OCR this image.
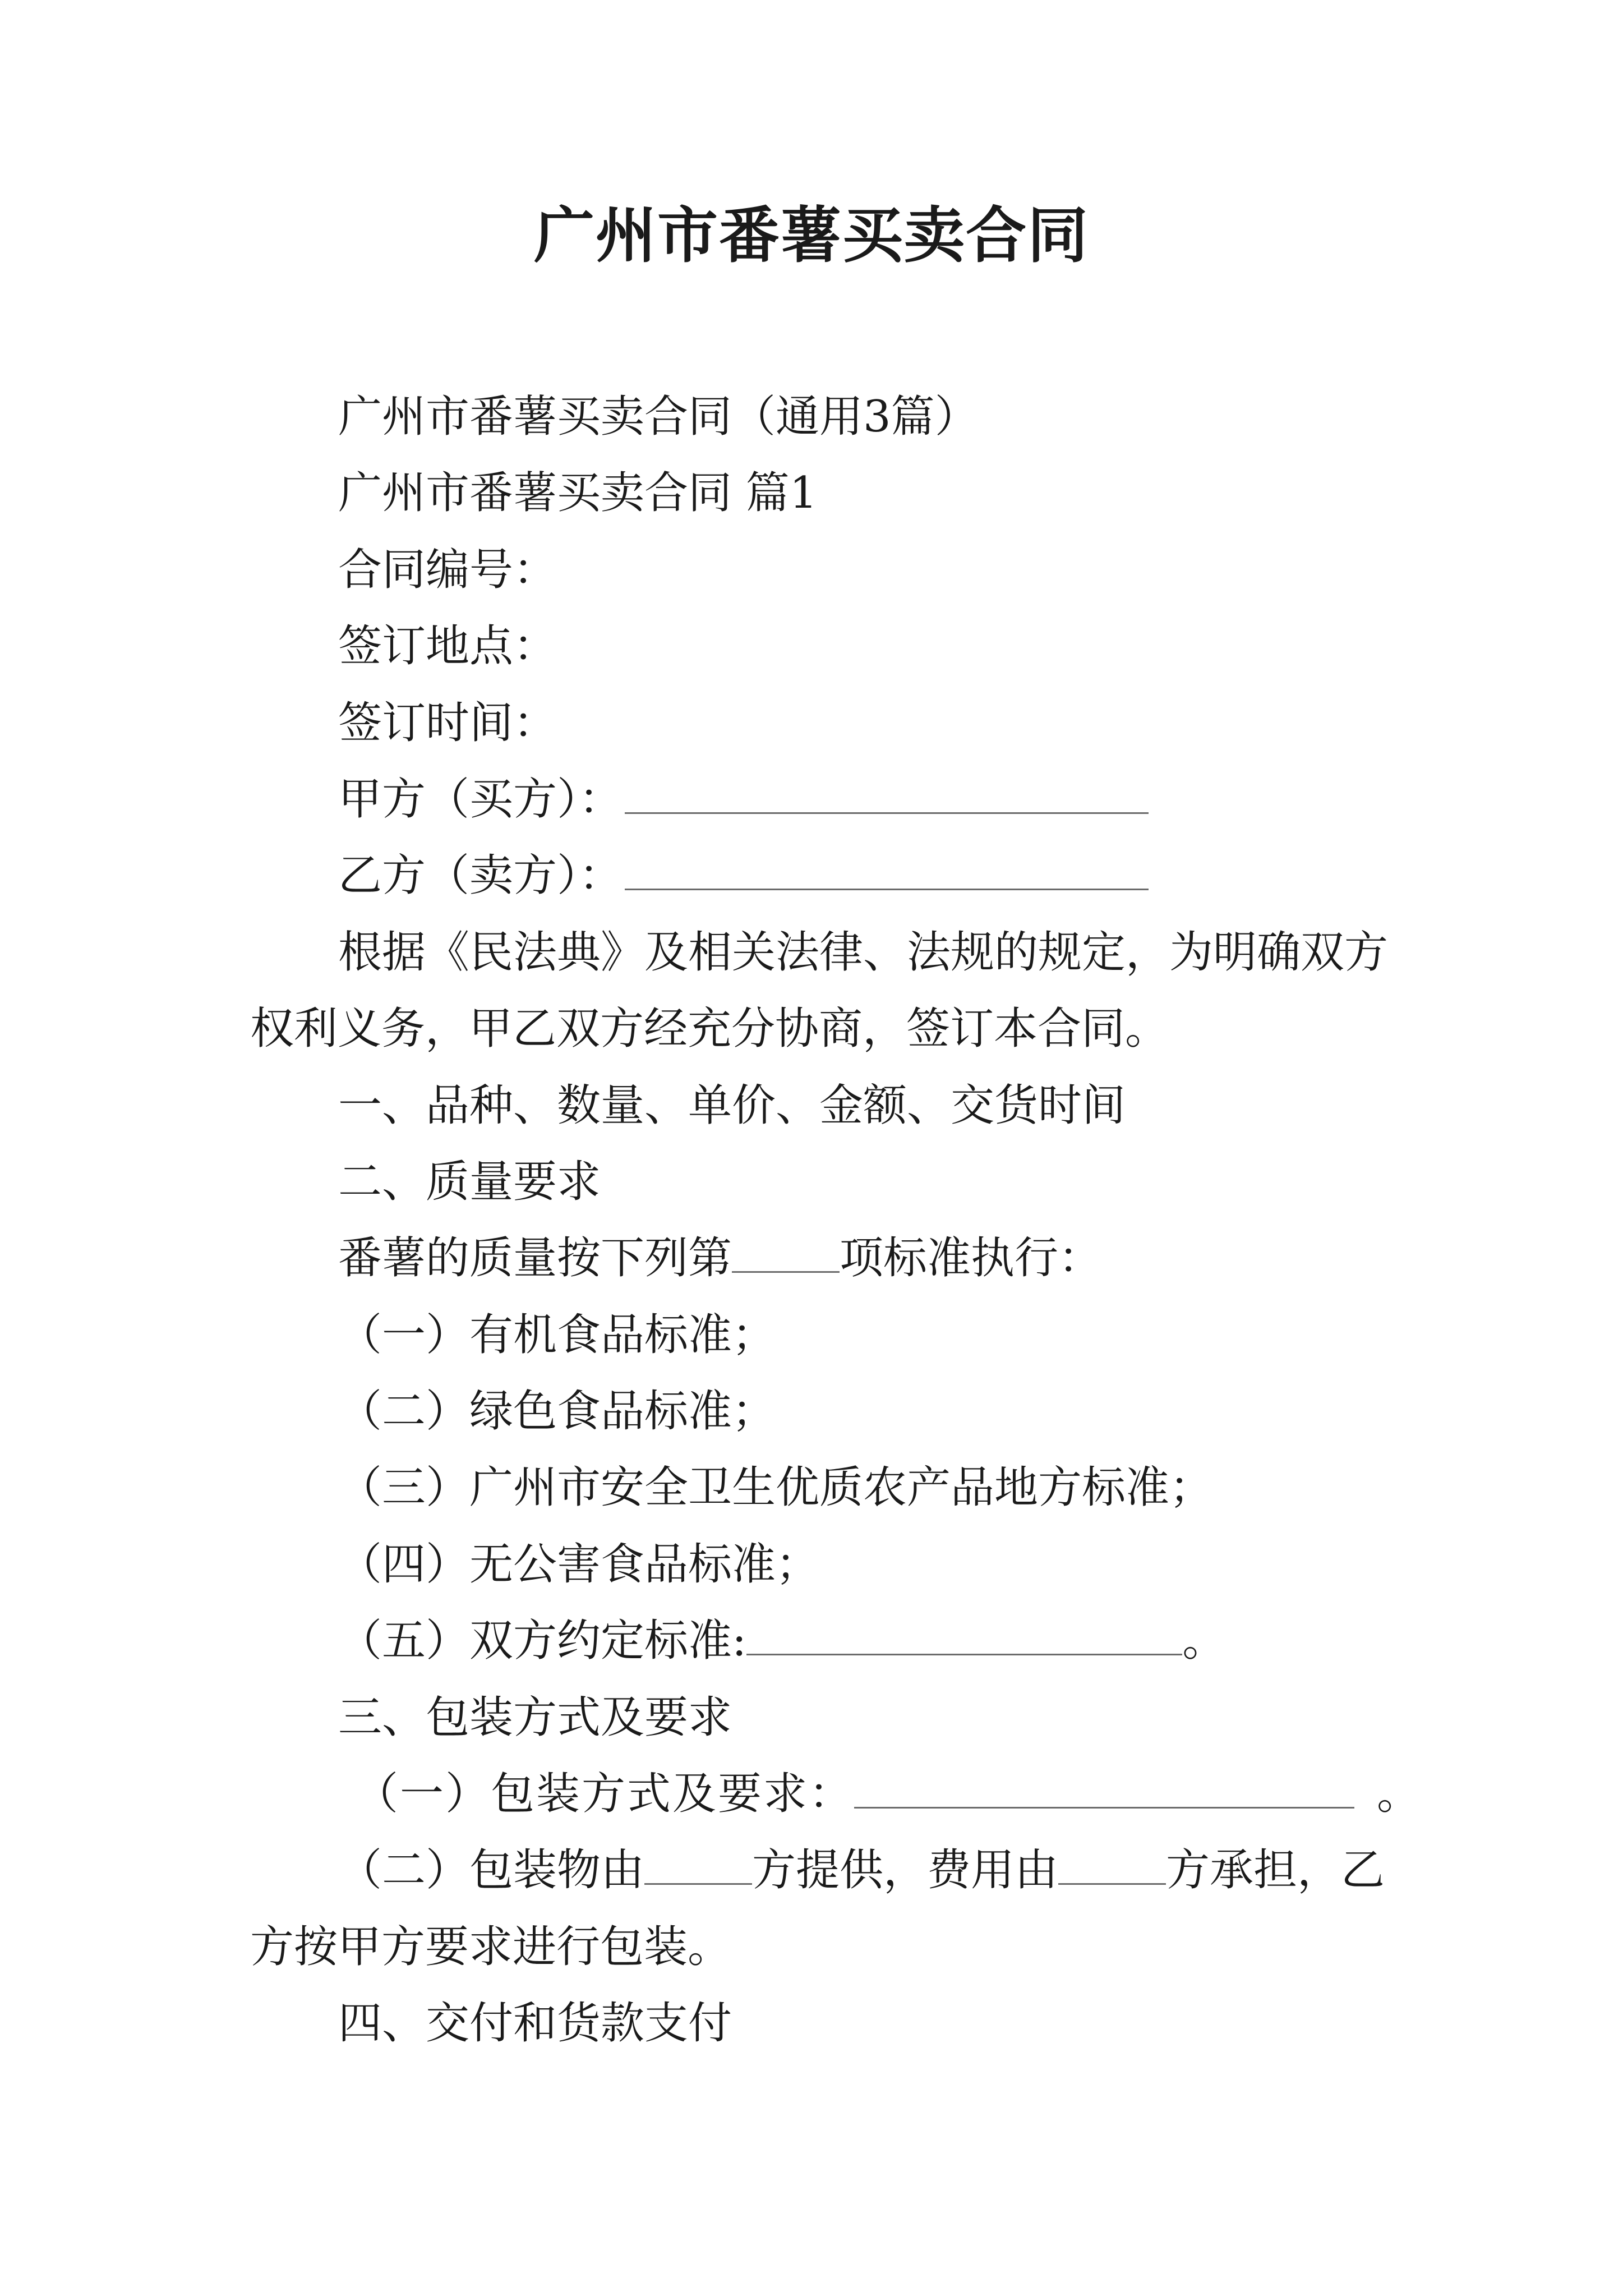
广州市番薯买卖合同
广州市番薯买卖合同（通用3篇）
广州市番薯买卖合同 篇1
合同编号：
签订地点：
签订时间：
甲方（买方）：
乙方（卖方）：
根据《民法典》及相关法律、法规的规定，为明确双方
权利义务，甲乙双方经充分协商，签订本合同。
一、品种、数量、单价、金额、交货时间
二、质量要求
番薯的质量按下列第 项标准执行：
（一）有机食品标准；
（二）绿色食品标准；
（三）广州市安全卫生优质农产品地方标准；
（四）无公害食品标准；
（五）双方约定标准:	。
三、包装方式及要求
（一）包装方式及要求：	。
（二）包装物由 方提供，费用由 方承担，乙
方按甲方要求进行包装。
四、交付和货款支付
